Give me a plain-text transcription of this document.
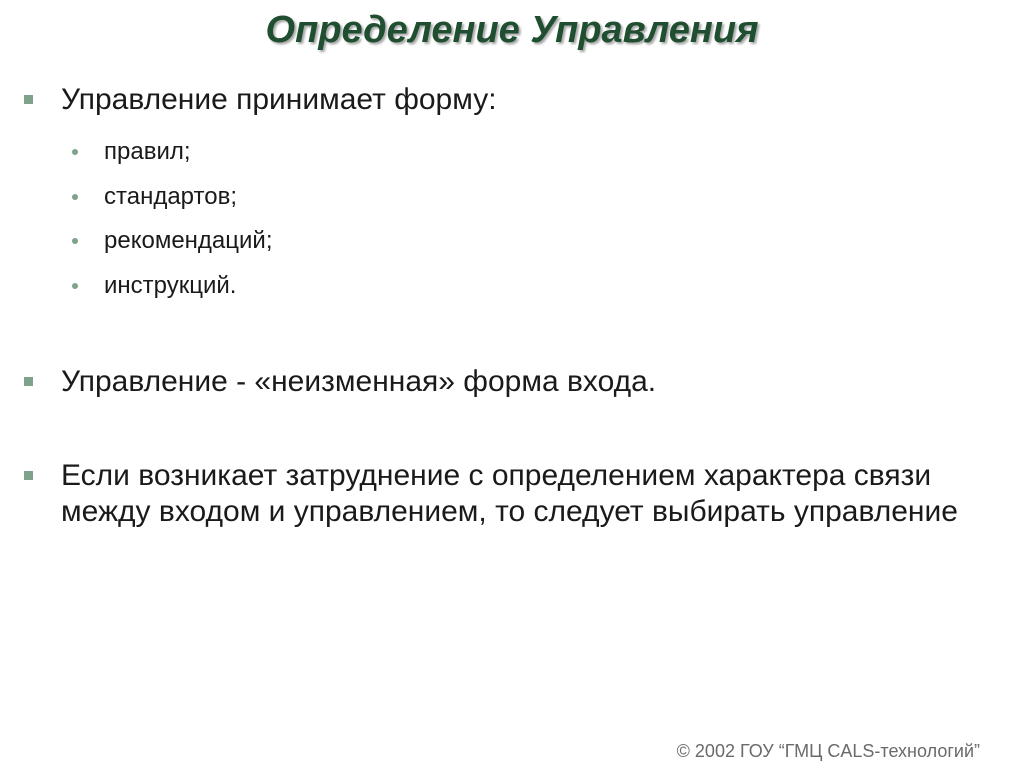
Определение Управления
Управление принимает форму:
правил;
стандартов;
рекомендаций;
инструкций.
Управление - «неизменная» форма входа.
Если возникает затруднение с определением характера связи между входом и управлением, то следует выбирать управление
© 2002 ГОУ “ГМЦ CALS-технологий”
